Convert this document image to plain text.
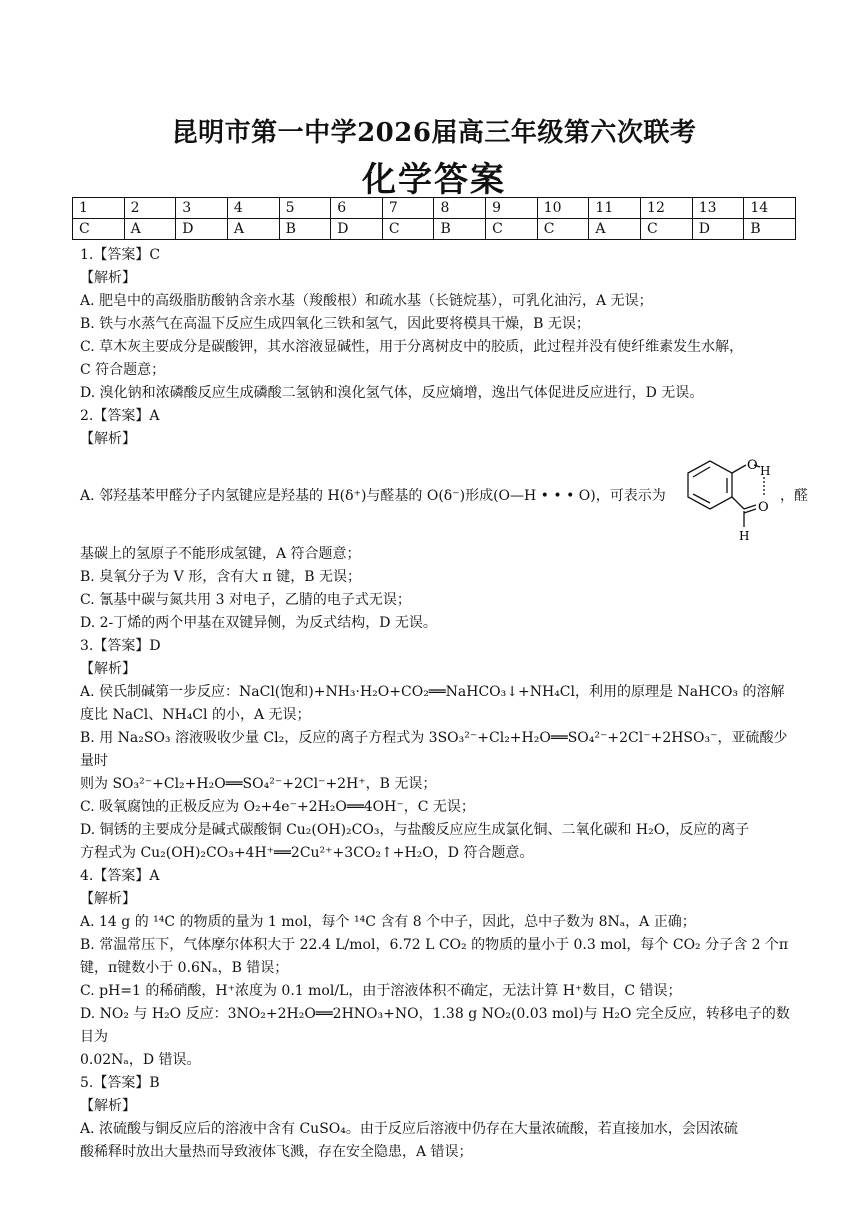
昆明市第一中学2026届高三年级第六次联考
化学答案
1	2	3	4	5	6	7	8	9	10	11	12	13	14
C	A	D	A	B	D	C	B	C	C	A	C	D	B

1.【答案】C

【解析】

A. 肥皂中的高级脂肪酸钠含亲水基（羧酸根）和疏水基（长链烷基），可乳化油污，A 无误；

B. 铁与水蒸气在高温下反应生成四氧化三铁和氢气，因此要将模具干燥，B 无误；

C. 草木灰主要成分是碳酸钾，其水溶液显碱性，用于分离树皮中的胶质，此过程并没有使纤维素发生水解，

C 符合题意；

D. 溴化钠和浓磷酸反应生成磷酸二氢钠和溴化氢气体，反应熵增，逸出气体促进反应进行，D 无误。

2.【答案】A

【解析】

A. 邻羟基苯甲醛分子内氢键应是羟基的 H(δ⁺)与醛基的 O(δ⁻)形成(O—H • • • O)，可表示为
O H
O
H
，醛

基碳上的氢原子不能形成氢键，A 符合题意；

B. 臭氧分子为 V 形，含有大 π 键，B 无误；

C. 氰基中碳与氮共用 3 对电子，乙腈的电子式无误；

D. 2-丁烯的两个甲基在双键异侧，为反式结构，D 无误。

3.【答案】D

【解析】

A. 侯氏制碱第一步反应：NaCl(饱和)+NH₃·H₂O+CO₂══NaHCO₃↓+NH₄Cl，利用的原理是 NaHCO₃ 的溶解

度比 NaCl、NH₄Cl 的小，A 无误；

B. 用 Na₂SO₃ 溶液吸收少量 Cl₂，反应的离子方程式为 3SO₃²⁻+Cl₂+H₂O══SO₄²⁻+2Cl⁻+2HSO₃⁻，亚硫酸少量时

则为 SO₃²⁻+Cl₂+H₂O══SO₄²⁻+2Cl⁻+2H⁺，B 无误；

C. 吸氧腐蚀的正极反应为 O₂+4e⁻+2H₂O══4OH⁻，C 无误；

D. 铜锈的主要成分是碱式碳酸铜 Cu₂(OH)₂CO₃，与盐酸反应应生成氯化铜、二氧化碳和 H₂O，反应的离子

方程式为 Cu₂(OH)₂CO₃+4H⁺══2Cu²⁺+3CO₂↑+H₂O，D 符合题意。

4.【答案】A

【解析】

A. 14 g 的 ¹⁴C 的物质的量为 1 mol，每个 ¹⁴C 含有 8 个中子，因此，总中子数为 8Nₐ，A 正确；

B. 常温常压下，气体摩尔体积大于 22.4 L/mol，6.72 L CO₂ 的物质的量小于 0.3 mol，每个 CO₂ 分子含 2 个π

键，π键数小于 0.6Nₐ，B 错误；

C. pH=1 的稀硝酸，H⁺浓度为 0.1 mol/L，由于溶液体积不确定，无法计算 H⁺数目，C 错误；

D. NO₂ 与 H₂O 反应：3NO₂+2H₂O══2HNO₃+NO，1.38 g NO₂(0.03 mol)与 H₂O 完全反应，转移电子的数目为

0.02Nₐ，D 错误。

5.【答案】B

【解析】

A. 浓硫酸与铜反应后的溶液中含有 CuSO₄。由于反应后溶液中仍存在大量浓硫酸，若直接加水，会因浓硫

酸稀释时放出大量热而导致液体飞溅，存在安全隐患，A 错误；
